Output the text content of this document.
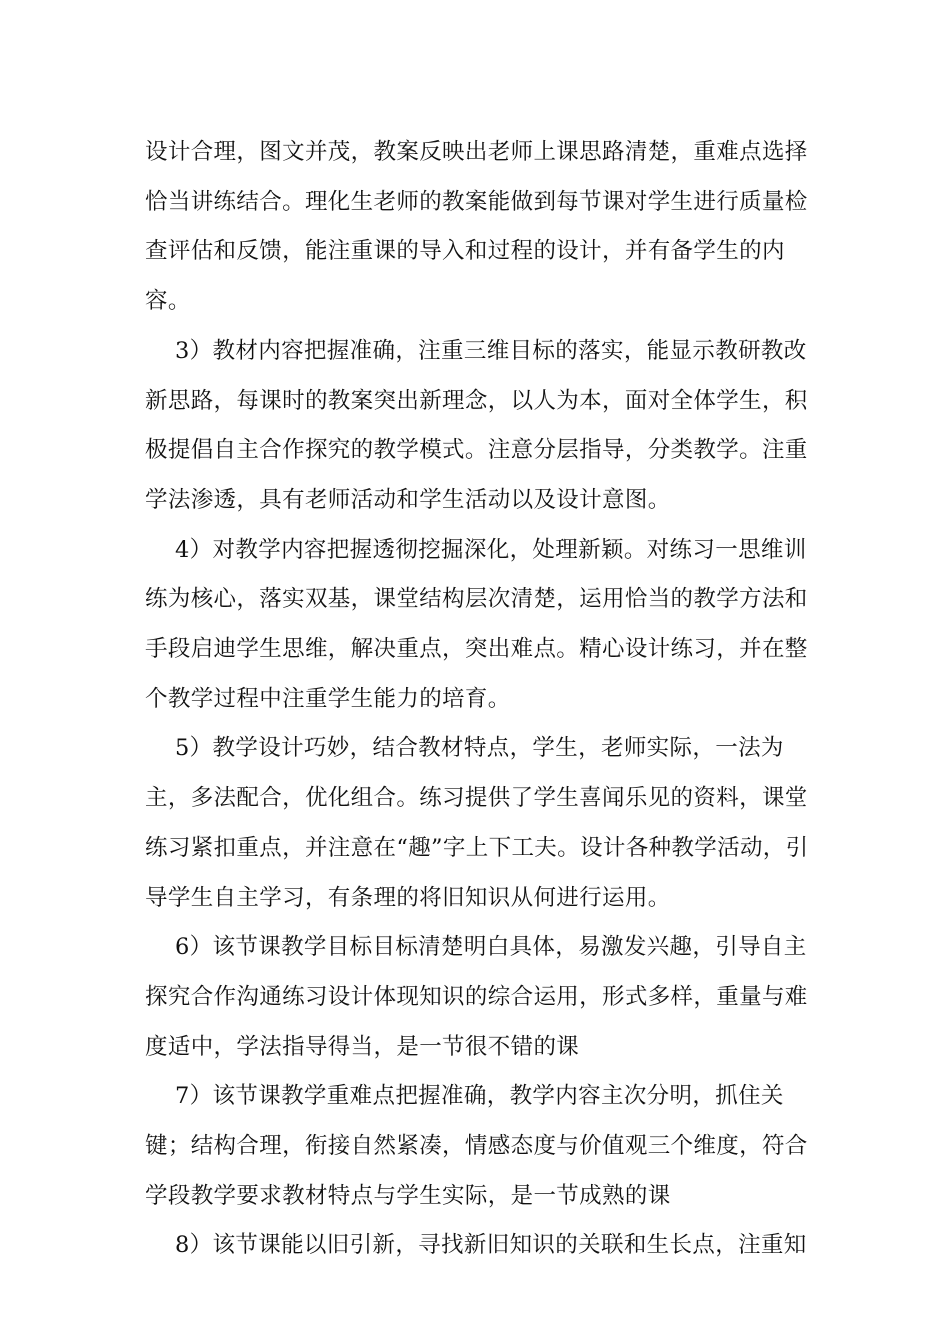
设计合理，图文并茂，教案反映出老师上课思路清楚，重难点选择恰当讲练结合。理化生老师的教案能做到每节课对学生进行质量检查评估和反馈，能注重课的导入和过程的设计，并有备学生的内容。

3）教材内容把握准确，注重三维目标的落实，能显示教研教改新思路，每课时的教案突出新理念，以人为本，面对全体学生，积极提倡自主合作探究的教学模式。注意分层指导，分类教学。注重学法渗透，具有老师活动和学生活动以及设计意图。

4）对教学内容把握透彻挖掘深化，处理新颖。对练习一思维训练为核心，落实双基，课堂结构层次清楚，运用恰当的教学方法和手段启迪学生思维，解决重点，突出难点。精心设计练习，并在整个教学过程中注重学生能力的培育。

5）教学设计巧妙，结合教材特点，学生，老师实际，一法为主，多法配合，优化组合。练习提供了学生喜闻乐见的资料，课堂练习紧扣重点，并注意在“趣”字上下工夫。设计各种教学活动，引导学生自主学习，有条理的将旧知识从何进行运用。

6）该节课教学目标目标清楚明白具体，易激发兴趣，引导自主探究合作沟通练习设计体现知识的综合运用，形式多样，重量与难度适中，学法指导得当，是一节很不错的课

7）该节课教学重难点把握准确，教学内容主次分明，抓住关键；结构合理，衔接自然紧凑，情感态度与价值观三个维度，符合学段教学要求教材特点与学生实际，是一节成熟的课

8）该节课能以旧引新，寻找新旧知识的关联和生长点，注重知
